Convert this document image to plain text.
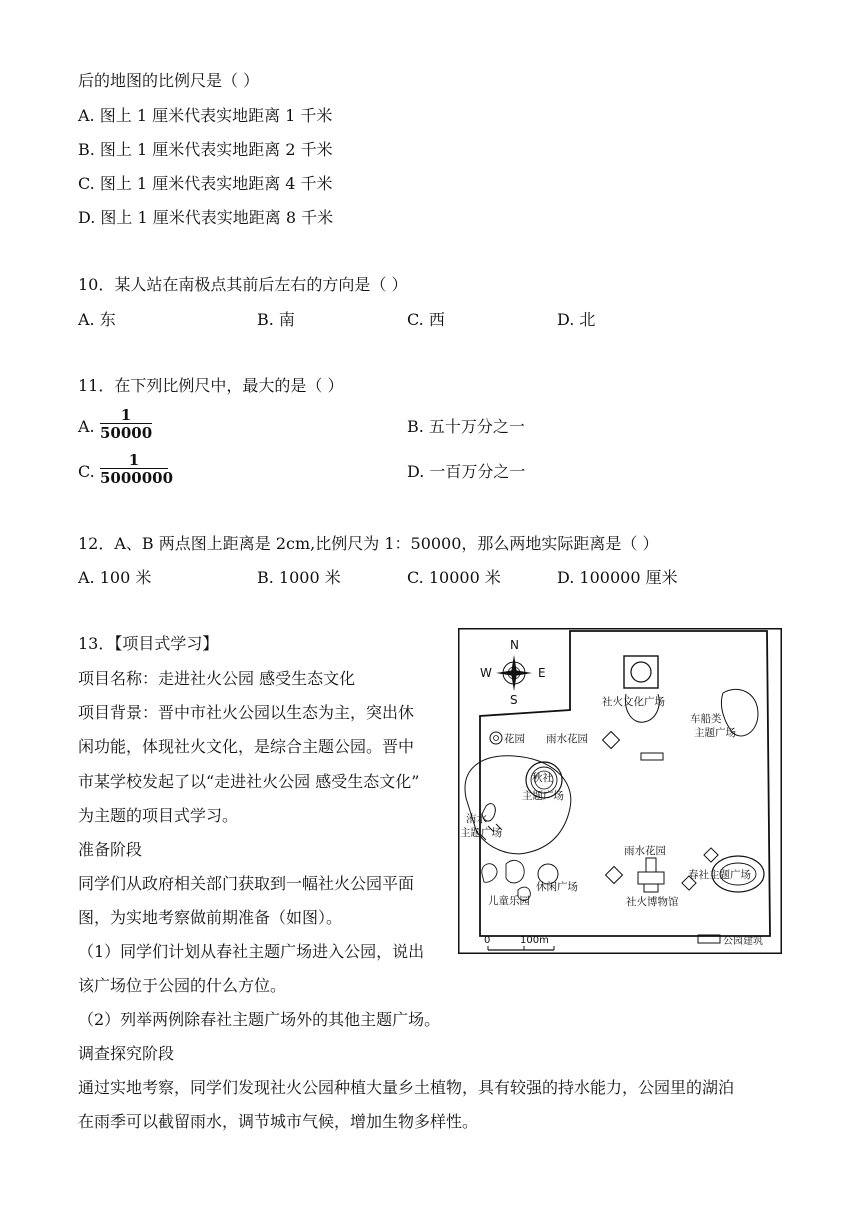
后的地图的比例尺是（ ）
A. 图上 1 厘米代表实地距离 1 千米
B. 图上 1 厘米代表实地距离 2 千米
C. 图上 1 厘米代表实地距离 4 千米
D. 图上 1 厘米代表实地距离 8 千米
10．某人站在南极点其前后左右的方向是（ ）
A. 东	B. 南	C. 西	D. 北
11．在下列比例尺中，最大的是（ ）
A. $\frac{1}{50000}$	B. 五十万分之一
C. $\frac{1}{5000000}$	D. 一百万分之一
12．A、B 两点图上距离是 2cm,比例尺为 1：50000，那么两地实际距离是（ ）
A. 100 米	B. 1000 米	C. 10000 米	D. 100000 厘米
13．【项目式学习】
项目名称：走进社火公园 感受生态文化
项目背景：晋中市社火公园以生态为主，突出休
闲功能，体现社火文化，是综合主题公园。晋中
市某学校发起了以“走进社火公园 感受生态文化”
为主题的项目式学习。
准备阶段
同学们从政府相关部门获取到一幅社火公园平面
图，为实地考察做前期准备（如图）。
（1）同学们计划从春社主题广场进入公园，说出
该广场位于公园的什么方位。
（2）列举两例除春社主题广场外的其他主题广场。
调查探究阶段
通过实地考察，同学们发现社火公园种植大量乡土植物，具有较强的持水能力，公园里的湖泊
在雨季可以截留雨水，调节城市气候，增加生物多样性。
N
S
E
W
社火文化广场
车船类
主题广场
花园 雨水花园
秋社
主题广场
洧水
主题广场
儿童乐园
休闲广场
雨水花园
社火博物馆
春社主题广场
0	100m	公园建筑
